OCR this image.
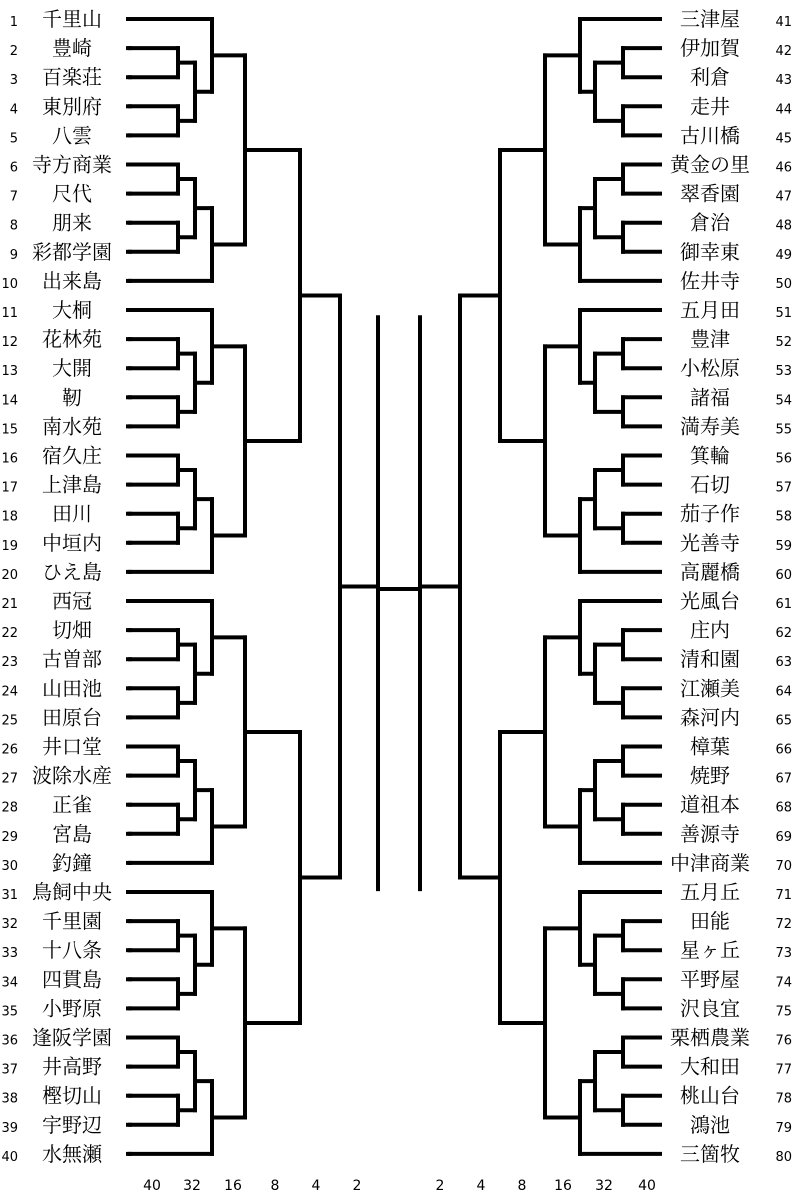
1 千里山
2 豊崎
3 百楽荘
4 東別府
5 八雲
6 寺方商業
7 尺代
8 朋来
9 彩都学園
10 出来島
11 大桐
12 花林苑
13 大開
14 靭
15 南水苑
16 宿久庄
17 上津島
18 田川
19 中垣内
20 ひえ島
21 西冠
22 切畑
23 古曽部
24 山田池
25 田原台
26 井口堂
27 波除水産
28 正雀
29 宮島
30 釣鐘
31 鳥飼中央
32 千里園
33 十八条
34 四貫島
35 小野原
36 逢阪学園
37 井高野
38 樫切山
39 宇野辺
40 水無瀬
三津屋	41
伊加賀	42
利倉	43
走井	44
古川橋	45
黄金の里 46
翠香園	47
倉治	48
御幸東	49
佐井寺	50
五月田	51
豊津	52
小松原	53
諸福	54
満寿美	55
箕輪	56
石切	57
茄子作	58
光善寺	59
高麗橋	60
光風台	61
庄内	62
清和園	63
江瀬美	64
森河内	65
樟葉	66
焼野	67
道祖本	68
善源寺	69
中津商業 70
五月丘	71
田能	72
星ヶ丘	73
平野屋	74
沢良宜	75
栗栖農業 76
大和田	77
桃山台	78
鴻池	79
三箇牧	80
40 32 16 8 4 2	2 4 8 16 32 40
